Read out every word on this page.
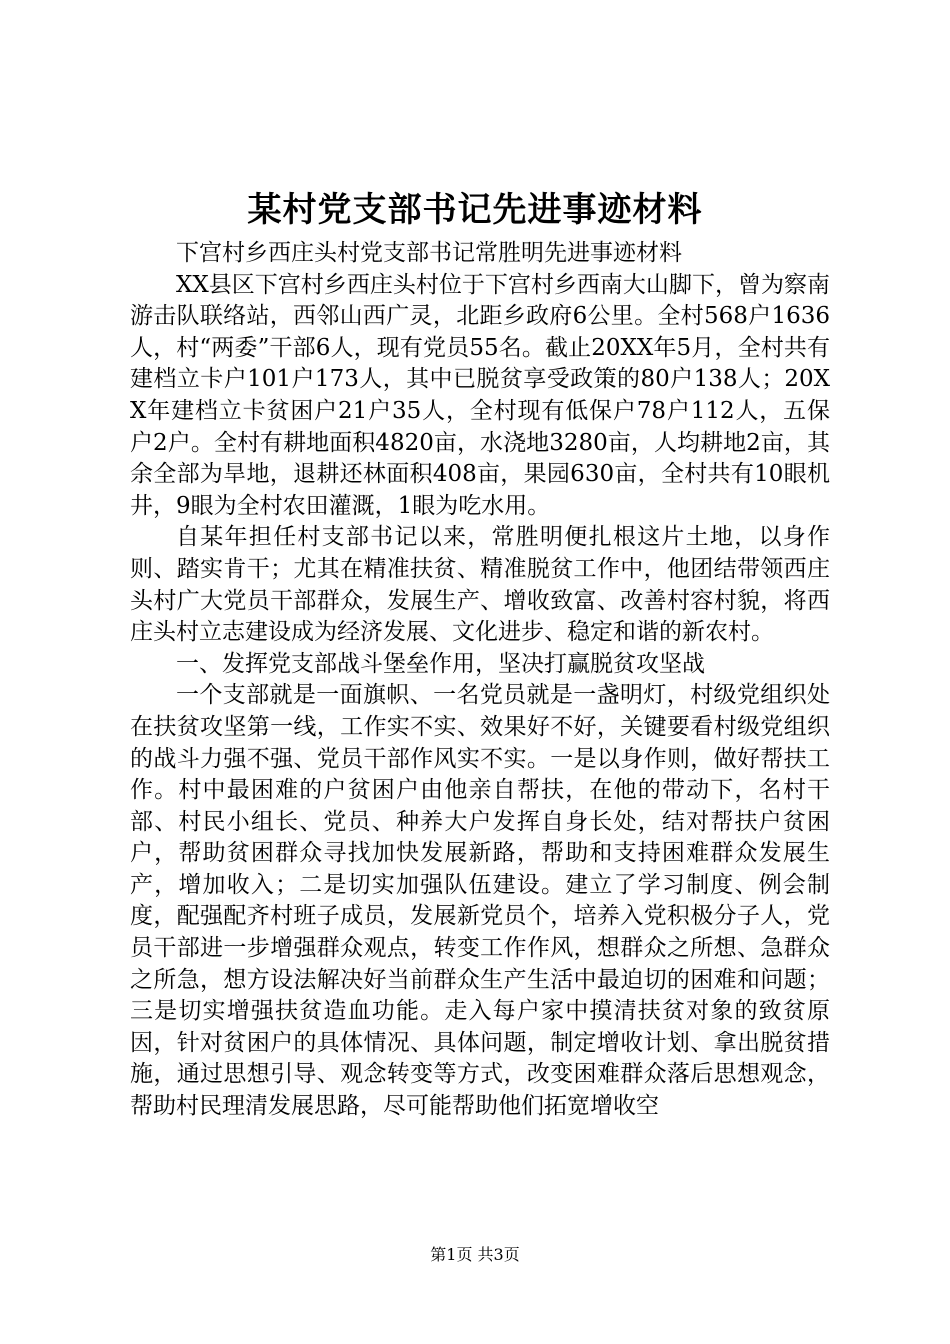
某村党支部书记先进事迹材料

下宫村乡西庄头村党支部书记常胜明先进事迹材料

XX县区下宫村乡西庄头村位于下宫村乡西南大山脚下，曾为察南游击队联络站，西邻山西广灵，北距乡政府6公里。全村568户1636人，村“两委”干部6人，现有党员55名。截止20XX年5月，全村共有建档立卡户101户173人，其中已脱贫享受政策的80户138人；20XX年建档立卡贫困户21户35人，全村现有低保户78户112人，五保户2户。全村有耕地面积4820亩，水浇地3280亩，人均耕地2亩，其余全部为旱地，退耕还林面积408亩，果园630亩，全村共有10眼机井，9眼为全村农田灌溉，1眼为吃水用。

自某年担任村支部书记以来，常胜明便扎根这片土地，以身作则、踏实肯干；尤其在精准扶贫、精准脱贫工作中，他团结带领西庄头村广大党员干部群众，发展生产、增收致富、改善村容村貌，将西庄头村立志建设成为经济发展、文化进步、稳定和谐的新农村。

一、发挥党支部战斗堡垒作用，坚决打赢脱贫攻坚战

一个支部就是一面旗帜、一名党员就是一盏明灯，村级党组织处在扶贫攻坚第一线，工作实不实、效果好不好，关键要看村级党组织的战斗力强不强、党员干部作风实不实。一是以身作则，做好帮扶工作。村中最困难的户贫困户由他亲自帮扶，在他的带动下，名村干部、村民小组长、党员、种养大户发挥自身长处，结对帮扶户贫困户，帮助贫困群众寻找加快发展新路，帮助和支持困难群众发展生产，增加收入；二是切实加强队伍建设。建立了学习制度、例会制度，配强配齐村班子成员，发展新党员个，培养入党积极分子人，党员干部进一步增强群众观点，转变工作作风，想群众之所想、急群众之所急，想方设法解决好当前群众生产生活中最迫切的困难和问题；三是切实增强扶贫造血功能。走入每户家中摸清扶贫对象的致贫原因，针对贫困户的具体情况、具体问题，制定增收计划、拿出脱贫措施，通过思想引导、观念转变等方式，改变困难群众落后思想观念，帮助村民理清发展思路，尽可能帮助他们拓宽增收空

第1页 共3页
